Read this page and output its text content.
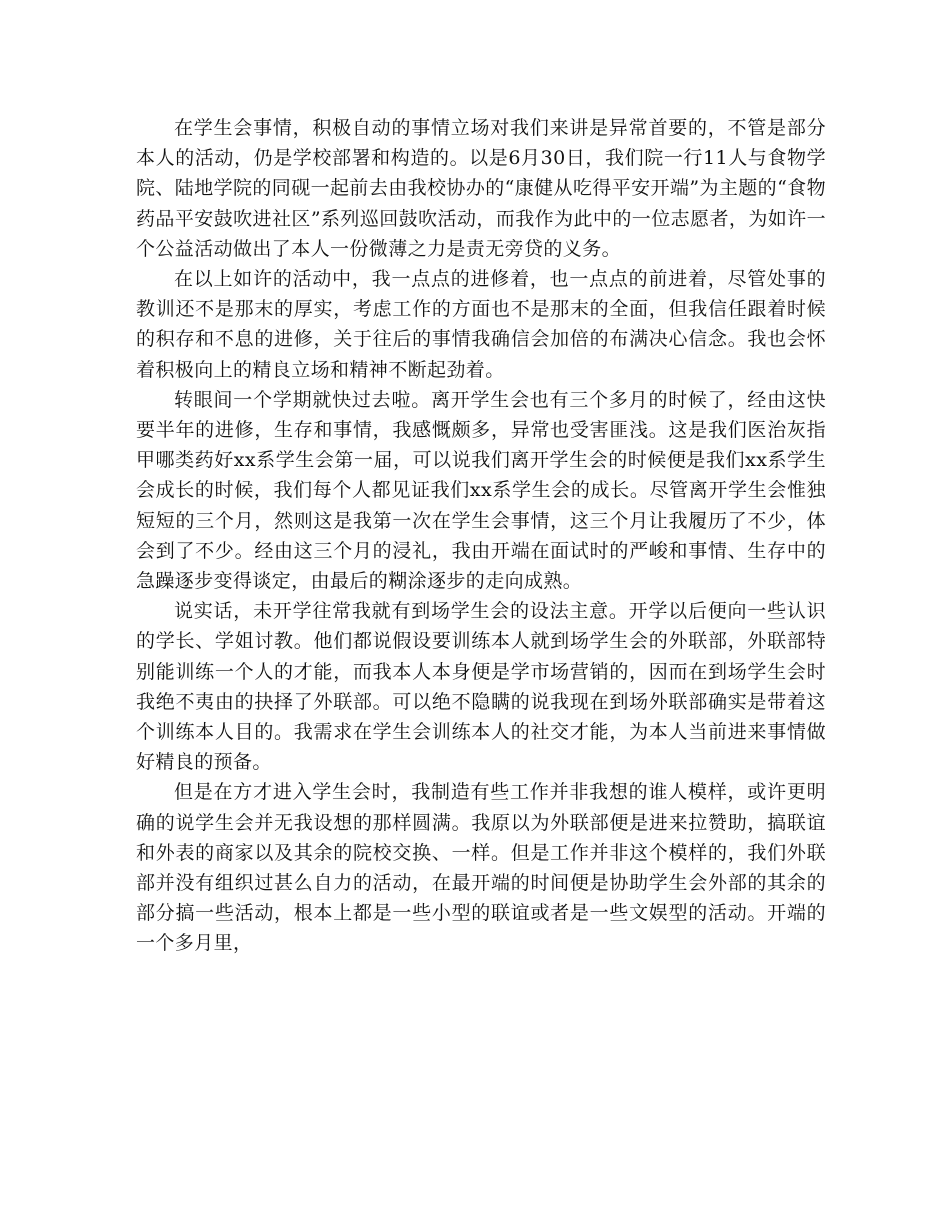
在学生会事情，积极自动的事情立场对我们来讲是异常首要的，不管是部分本人的活动，仍是学校部署和构造的。以是6月30日，我们院一行11人与食物学院、陆地学院的同砚一起前去由我校协办的“康健从吃得平安开端”为主题的“食物药品平安鼓吹进社区”系列巡回鼓吹活动，而我作为此中的一位志愿者，为如许一个公益活动做出了本人一份微薄之力是责无旁贷的义务。

在以上如许的活动中，我一点点的进修着，也一点点的前进着，尽管处事的教训还不是那末的厚实，考虑工作的方面也不是那末的全面，但我信任跟着时候的积存和不息的进修，关于往后的事情我确信会加倍的布满决心信念。我也会怀着积极向上的精良立场和精神不断起劲着。

转眼间一个学期就快过去啦。离开学生会也有三个多月的时候了，经由这快要半年的进修，生存和事情，我感慨颇多，异常也受害匪浅。这是我们医治灰指甲哪类药好xx系学生会第一届，可以说我们离开学生会的时候便是我们xx系学生会成长的时候，我们每个人都见证我们xx系学生会的成长。尽管离开学生会惟独短短的三个月，然则这是我第一次在学生会事情，这三个月让我履历了不少，体会到了不少。经由这三个月的浸礼，我由开端在面试时的严峻和事情、生存中的急躁逐步变得谈定，由最后的糊涂逐步的走向成熟。

说实话，未开学往常我就有到场学生会的设法主意。开学以后便向一些认识的学长、学姐讨教。他们都说假设要训练本人就到场学生会的外联部，外联部特别能训练一个人的才能，而我本人本身便是学市场营销的，因而在到场学生会时我绝不夷由的抉择了外联部。可以绝不隐瞒的说我现在到场外联部确实是带着这个训练本人目的。我需求在学生会训练本人的社交才能，为本人当前进来事情做好精良的预备。

但是在方才进入学生会时，我制造有些工作并非我想的谁人模样，或许更明确的说学生会并无我设想的那样圆满。我原以为外联部便是进来拉赞助，搞联谊和外表的商家以及其余的院校交换、一样。但是工作并非这个模样的，我们外联部并没有组织过甚么自力的活动，在最开端的时间便是协助学生会外部的其余的部分搞一些活动，根本上都是一些小型的联谊或者是一些文娱型的活动。开端的一个多月里，
